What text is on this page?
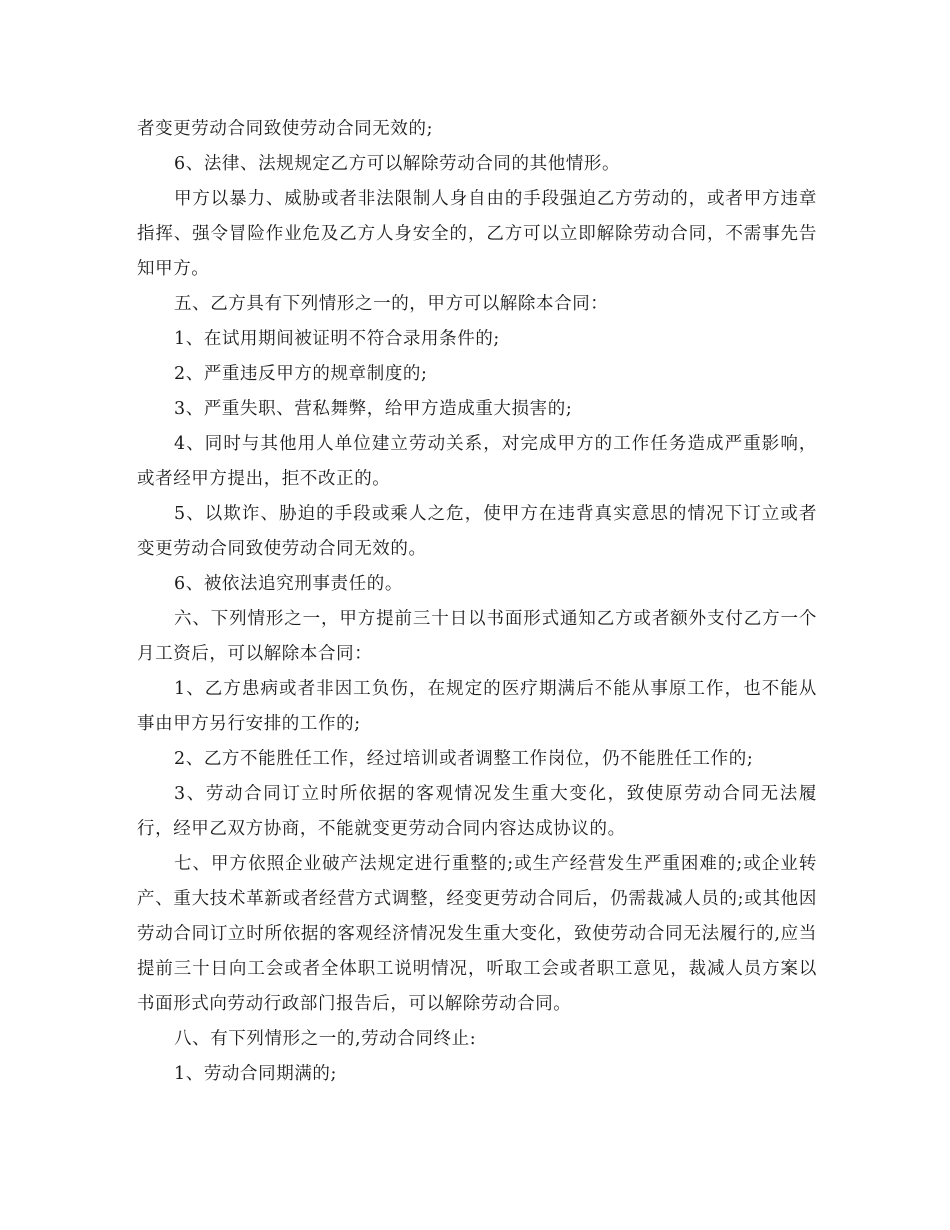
者变更劳动合同致使劳动合同无效的;

6、法律、法规规定乙方可以解除劳动合同的其他情形。

甲方以暴力、威胁或者非法限制人身自由的手段强迫乙方劳动的，或者甲方违章指挥、强令冒险作业危及乙方人身安全的，乙方可以立即解除劳动合同，不需事先告知甲方。

五、乙方具有下列情形之一的，甲方可以解除本合同：

1、在试用期间被证明不符合录用条件的;

2、严重违反甲方的规章制度的;

3、严重失职、营私舞弊，给甲方造成重大损害的;

4、同时与其他用人单位建立劳动关系，对完成甲方的工作任务造成严重影响，或者经甲方提出，拒不改正的。

5、以欺诈、胁迫的手段或乘人之危，使甲方在违背真实意思的情况下订立或者变更劳动合同致使劳动合同无效的。

6、被依法追究刑事责任的。

六、下列情形之一，甲方提前三十日以书面形式通知乙方或者额外支付乙方一个月工资后，可以解除本合同：

1、乙方患病或者非因工负伤，在规定的医疗期满后不能从事原工作，也不能从事由甲方另行安排的工作的;

2、乙方不能胜任工作，经过培训或者调整工作岗位，仍不能胜任工作的;

3、劳动合同订立时所依据的客观情况发生重大变化，致使原劳动合同无法履行，经甲乙双方协商，不能就变更劳动合同内容达成协议的。

七、甲方依照企业破产法规定进行重整的;或生产经营发生严重困难的;或企业转产、重大技术革新或者经营方式调整，经变更劳动合同后，仍需裁减人员的;或其他因劳动合同订立时所依据的客观经济情况发生重大变化，致使劳动合同无法履行的,应当提前三十日向工会或者全体职工说明情况，听取工会或者职工意见，裁减人员方案以书面形式向劳动行政部门报告后，可以解除劳动合同。

八、有下列情形之一的,劳动合同终止:

1、劳动合同期满的;
